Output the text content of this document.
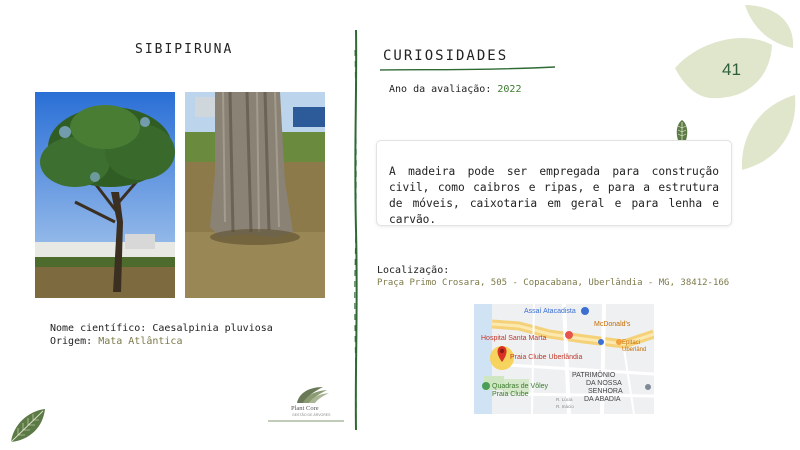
41
SIBIPIRUNA
Nome científico: Caesalpinia pluviosa
Origem: Mata Atlântica
CURIOSIDADES
Ano da avaliação: 2022
A madeira pode ser empregada para construção civil, como caibros e ripas, e para a estrutura de móveis, caixotaria em geral e para lenha e carvão.
Localização:
Praça Primo Crosara, 505 - Copacabana, Uberlândia - MG, 38412-166
Assaí Atacadista
Hospital Santa Marta
McDonald's
Praia Clube Uberlândia
Epitaci
Uberlând
PATRIMÔNIO
DA NOSSA
SENHORA
DA ABADIA
Quadras de Vôley
Praia Clube
R. Inácio
R. Lúcia
Plant Core
GESTÃO DE ÁRVORES
